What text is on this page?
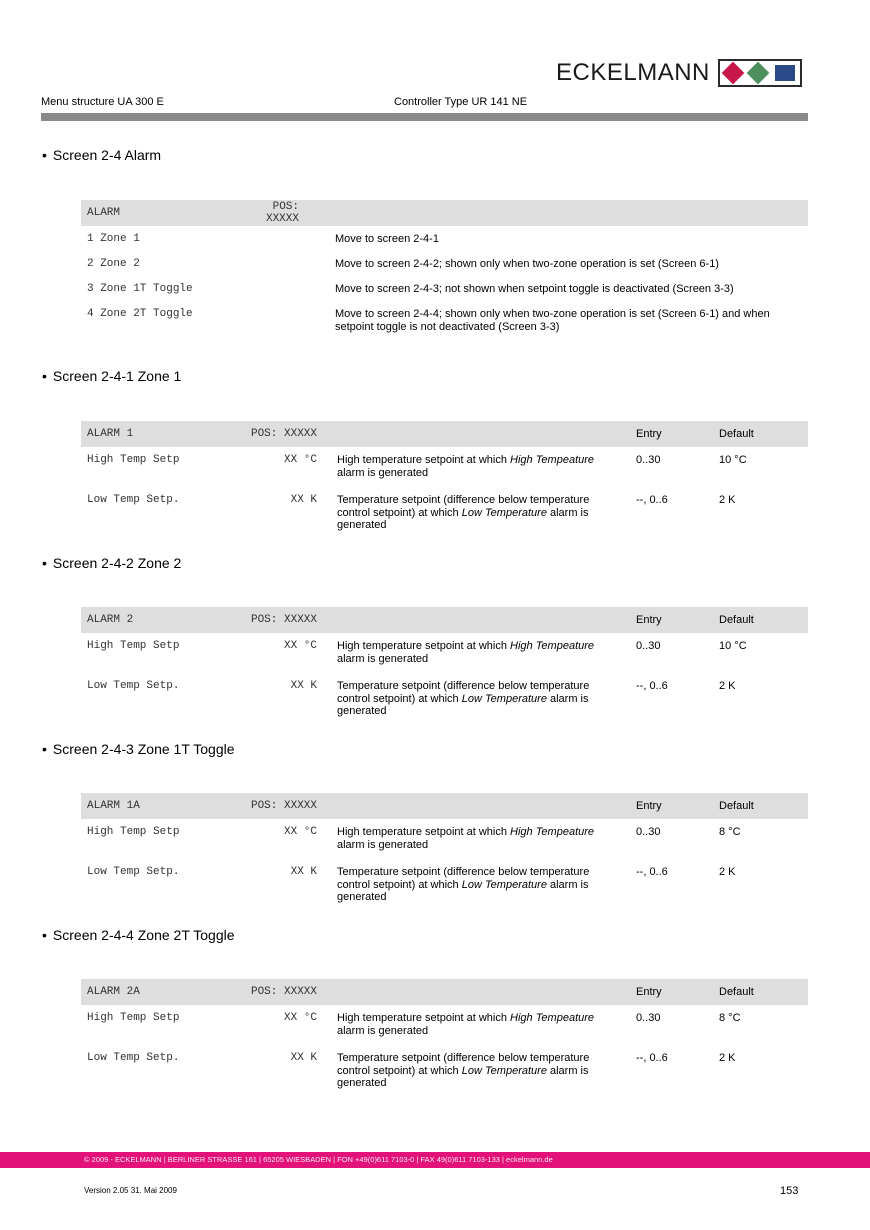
ECKELMANN
Menu structure UA 300 E	Controller Type UR 141 NE
• Screen 2-4 Alarm
ALARM	POS: XXXXX			
1 Zone 1		Move to screen 2-4-1		
2 Zone 2		Move to screen 2-4-2; shown only when two-zone operation is set (Screen 6-1)		
3 Zone 1T Toggle		Move to screen 2-4-3; not shown when setpoint toggle is deactivated (Screen 3-3)		
4 Zone 2T Toggle		Move to screen 2-4-4; shown only when two-zone operation is set (Screen 6-1) and when setpoint toggle is not deactivated (Screen 3-3)		
• Screen 2-4-1 Zone 1
ALARM 1	POS: XXXXX		Entry	Default
High Temp Setp	XX °C	High temperature setpoint at which High Tempeature alarm is generated	0..30	10 °C
Low Temp Setp.	XX K	Temperature setpoint (difference below temperature control setpoint) at which Low Temperature alarm is generated	--, 0..6	2 K
• Screen 2-4-2 Zone 2
ALARM 2	POS: XXXXX		Entry	Default
High Temp Setp	XX °C	High temperature setpoint at which High Tempeature alarm is generated	0..30	10 °C
Low Temp Setp.	XX K	Temperature setpoint (difference below temperature control setpoint) at which Low Temperature alarm is generated	--, 0..6	2 K
• Screen 2-4-3 Zone 1T Toggle
ALARM 1A	POS: XXXXX		Entry	Default
High Temp Setp	XX °C	High temperature setpoint at which High Tempeature alarm is generated	0..30	8 °C
Low Temp Setp.	XX K	Temperature setpoint (difference below temperature control setpoint) at which Low Temperature alarm is generated	--, 0..6	2 K
• Screen 2-4-4 Zone 2T Toggle
ALARM 2A	POS: XXXXX		Entry	Default
High Temp Setp	XX °C	High temperature setpoint at which High Tempeature alarm is generated	0..30	8 °C
Low Temp Setp.	XX K	Temperature setpoint (difference below temperature control setpoint) at which Low Temperature alarm is generated	--, 0..6	2 K
© 2009 - ECKELMANN | BERLINER STRASSE 161 | 65205 WIESBADEN | FON +49(0)611 7103-0 | FAX 49(0)611 7103-133 | eckelmann.de
Version 2.05 31. Mai 2009	153
